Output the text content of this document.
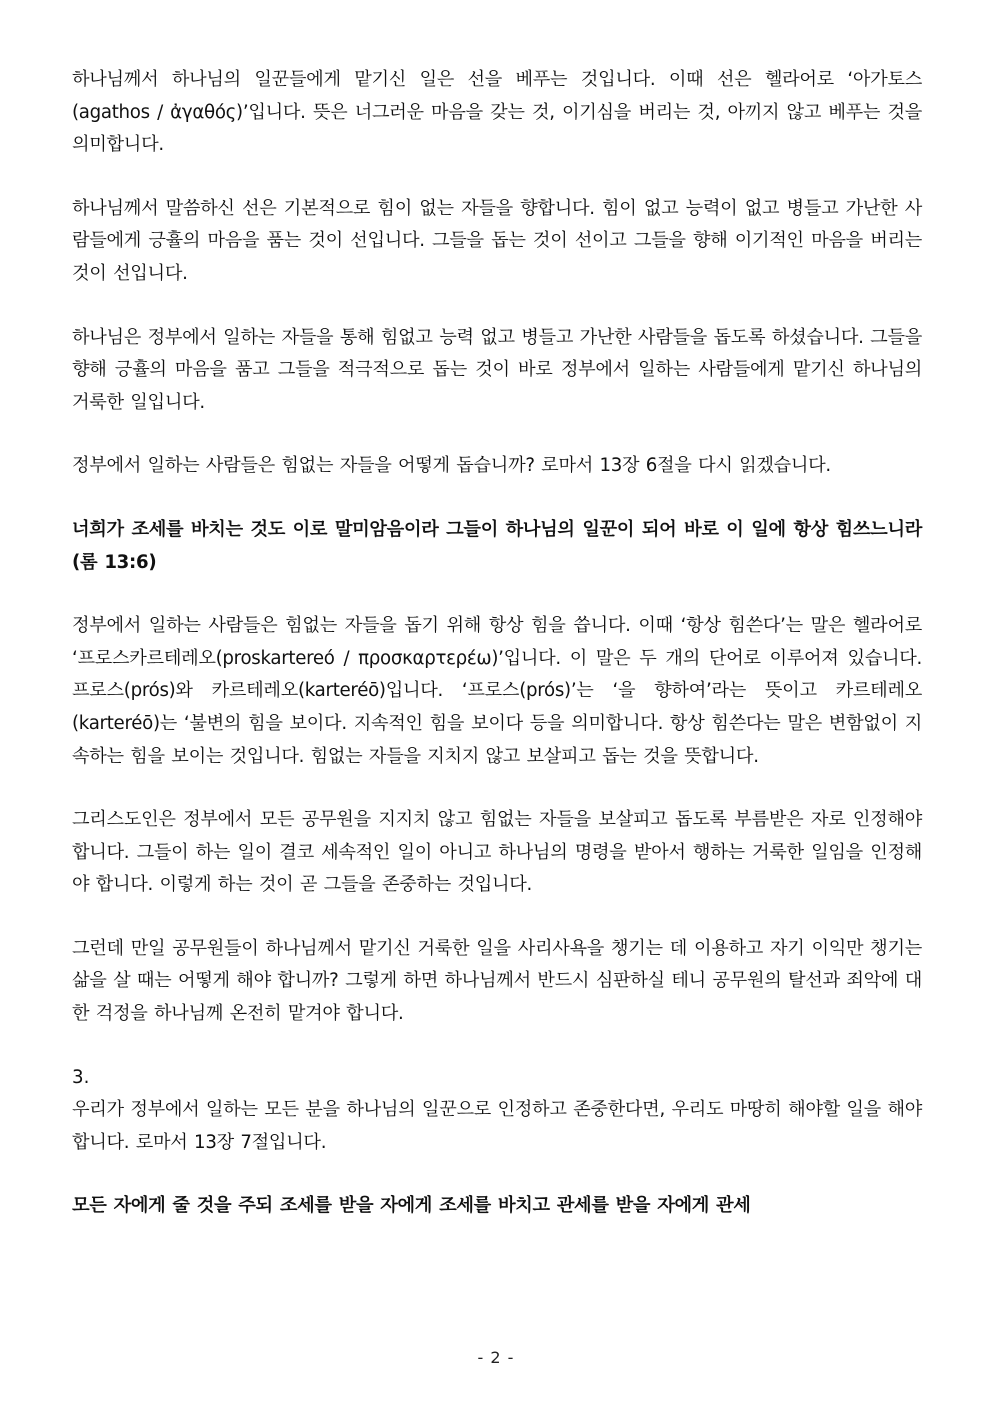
하나님께서 하나님의 일꾼들에게 맡기신 일은 선을 베푸는 것입니다. 이때 선은 헬라어로 ‘아가토스(agathos / ἀγαθός)’입니다. 뜻은 너그러운 마음을 갖는 것, 이기심을 버리는 것, 아끼지 않고 베푸는 것을 의미합니다.

하나님께서 말씀하신 선은 기본적으로 힘이 없는 자들을 향합니다. 힘이 없고 능력이 없고 병들고 가난한 사람들에게 긍휼의 마음을 품는 것이 선입니다. 그들을 돕는 것이 선이고 그들을 향해 이기적인 마음을 버리는 것이 선입니다.

하나님은 정부에서 일하는 자들을 통해 힘없고 능력 없고 병들고 가난한 사람들을 돕도록 하셨습니다. 그들을 향해 긍휼의 마음을 품고 그들을 적극적으로 돕는 것이 바로 정부에서 일하는 사람들에게 맡기신 하나님의 거룩한 일입니다.

정부에서 일하는 사람들은 힘없는 자들을 어떻게 돕습니까? 로마서 13장 6절을 다시 읽겠습니다.

너희가 조세를 바치는 것도 이로 말미암음이라 그들이 하나님의 일꾼이 되어 바로 이 일에 항상 힘쓰느니라 (롬 13:6)

정부에서 일하는 사람들은 힘없는 자들을 돕기 위해 항상 힘을 씁니다. 이때 ‘항상 힘쓴다’는 말은 헬라어로 ‘프로스카르테레오(proskartereó / προσκαρτερέω)’입니다. 이 말은 두 개의 단어로 이루어져 있습니다. 프로스(prós)와 카르테레오(karteréō)입니다. ‘프로스(prós)’는 ‘을 향하여’라는 뜻이고 카르테레오(karteréō)는 ‘불변의 힘을 보이다. 지속적인 힘을 보이다 등을 의미합니다. 항상 힘쓴다는 말은 변함없이 지속하는 힘을 보이는 것입니다. 힘없는 자들을 지치지 않고 보살피고 돕는 것을 뜻합니다.

그리스도인은 정부에서 모든 공무원을 지지치 않고 힘없는 자들을 보살피고 돕도록 부름받은 자로 인정해야 합니다. 그들이 하는 일이 결코 세속적인 일이 아니고 하나님의 명령을 받아서 행하는 거룩한 일임을 인정해야 합니다. 이렇게 하는 것이 곧 그들을 존중하는 것입니다.

그런데 만일 공무원들이 하나님께서 맡기신 거룩한 일을 사리사욕을 챙기는 데 이용하고 자기 이익만 챙기는 삶을 살 때는 어떻게 해야 합니까? 그렇게 하면 하나님께서 반드시 심판하실 테니 공무원의 탈선과 죄악에 대한 걱정을 하나님께 온전히 맡겨야 합니다.

3.
우리가 정부에서 일하는 모든 분을 하나님의 일꾼으로 인정하고 존중한다면, 우리도 마땅히 해야할 일을 해야 합니다. 로마서 13장 7절입니다.

모든 자에게 줄 것을 주되 조세를 받을 자에게 조세를 바치고 관세를 받을 자에게 관세

- 2 -
